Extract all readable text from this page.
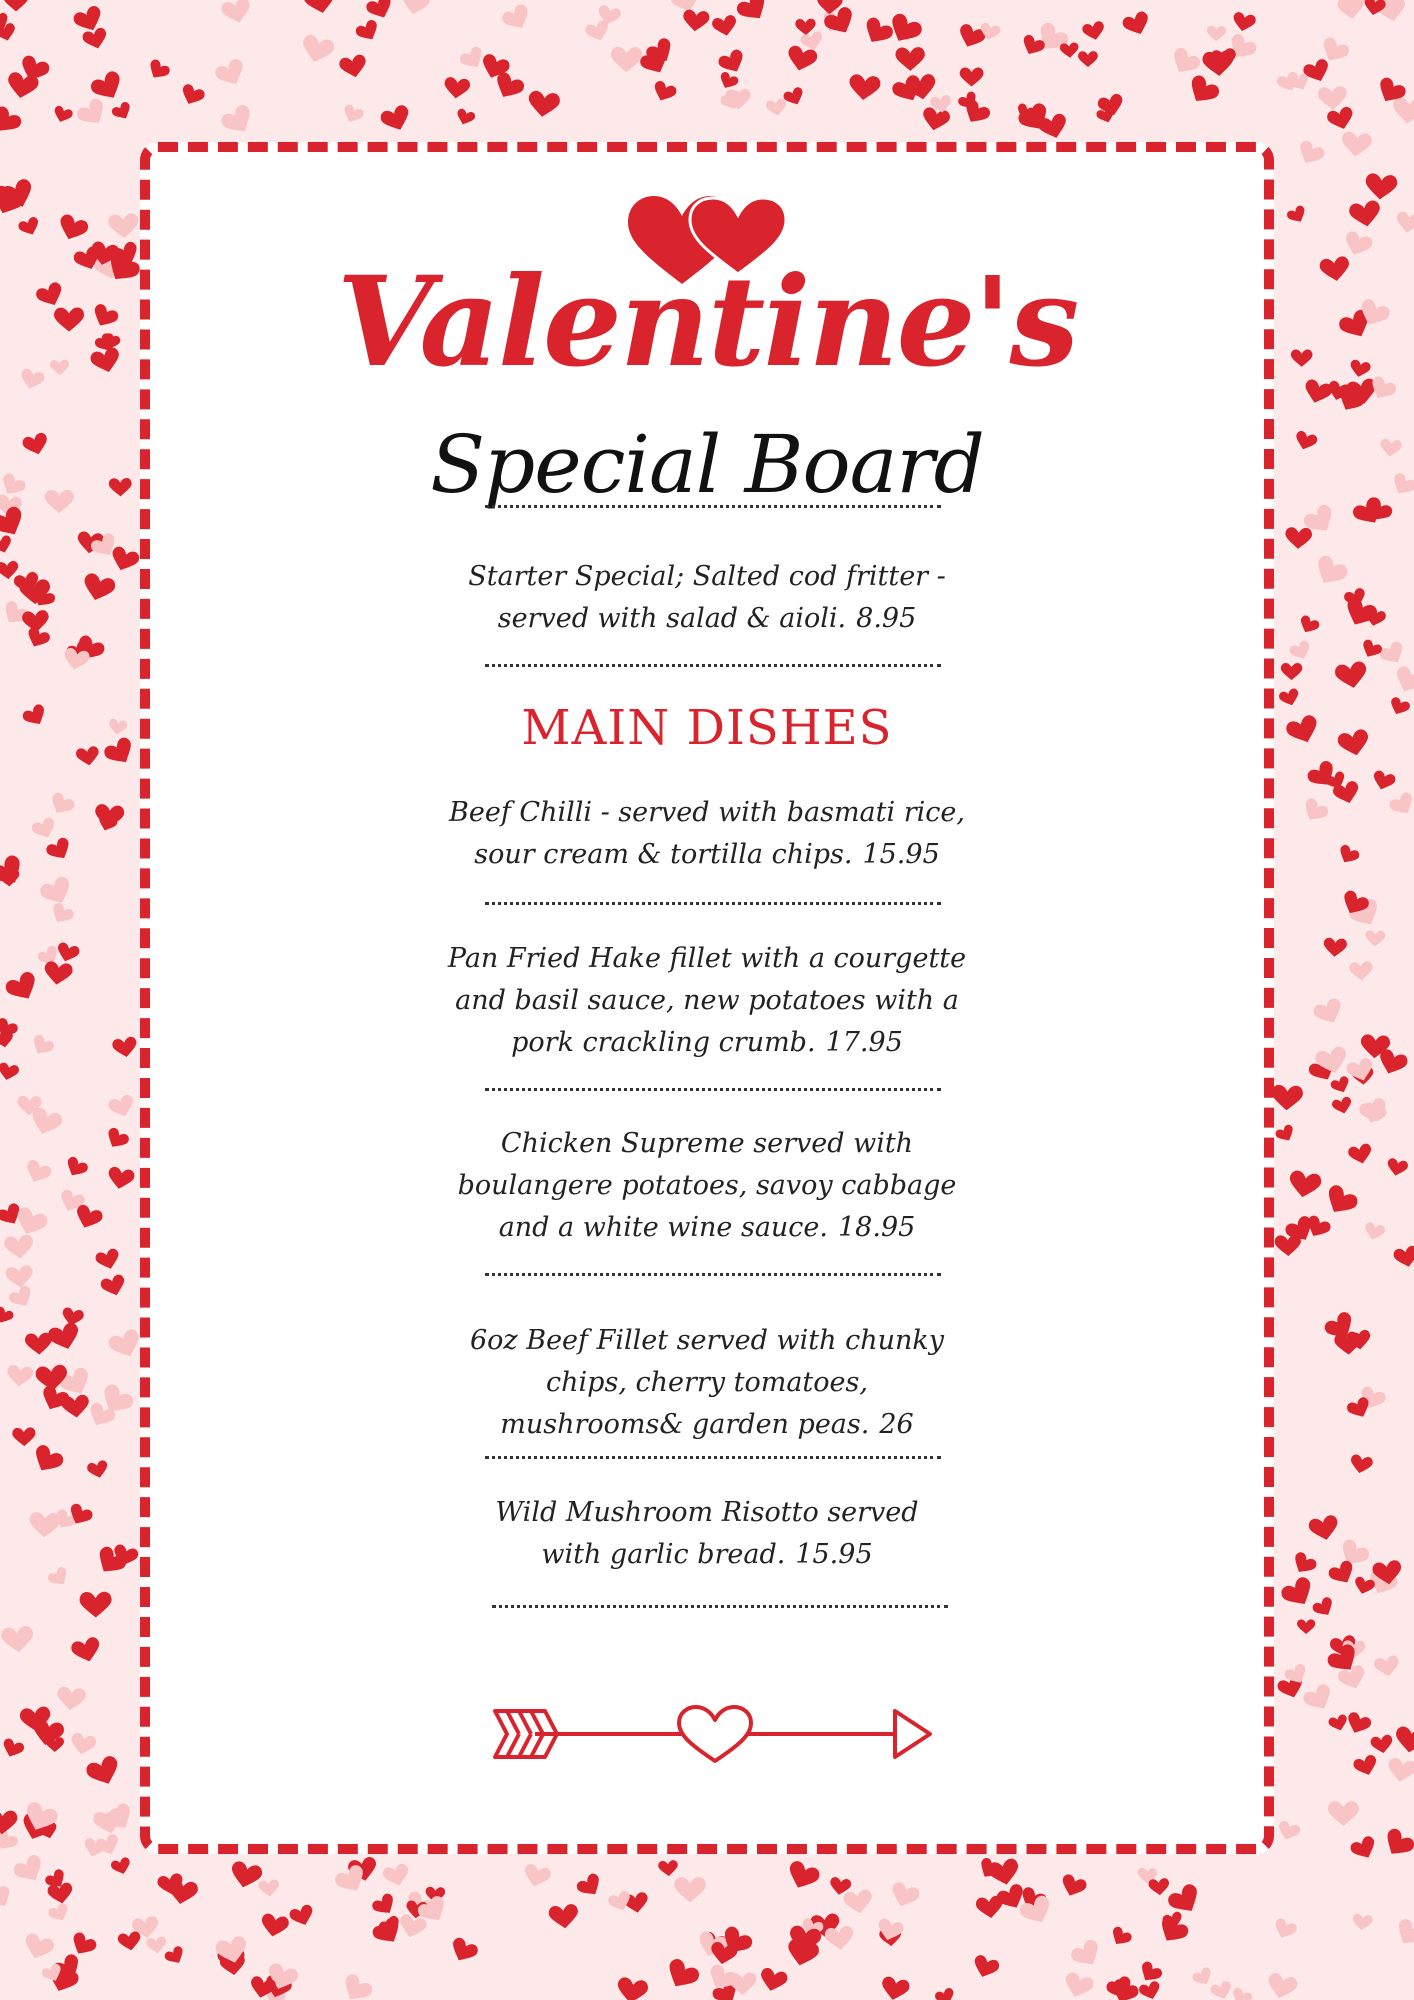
Valentine's
Special Board
Starter Special; Salted cod fritter -
served with salad & aioli. 8.95
MAIN DISHES
Beef Chilli - served with basmati rice,
sour cream & tortilla chips. 15.95
Pan Fried Hake fillet with a courgette
and basil sauce, new potatoes with a
pork crackling crumb. 17.95
Chicken Supreme served with
boulangere potatoes, savoy cabbage
and a white wine sauce. 18.95
6oz Beef Fillet served with chunky
chips, cherry tomatoes,
mushrooms& garden peas. 26
Wild Mushroom Risotto served
with garlic bread. 15.95
